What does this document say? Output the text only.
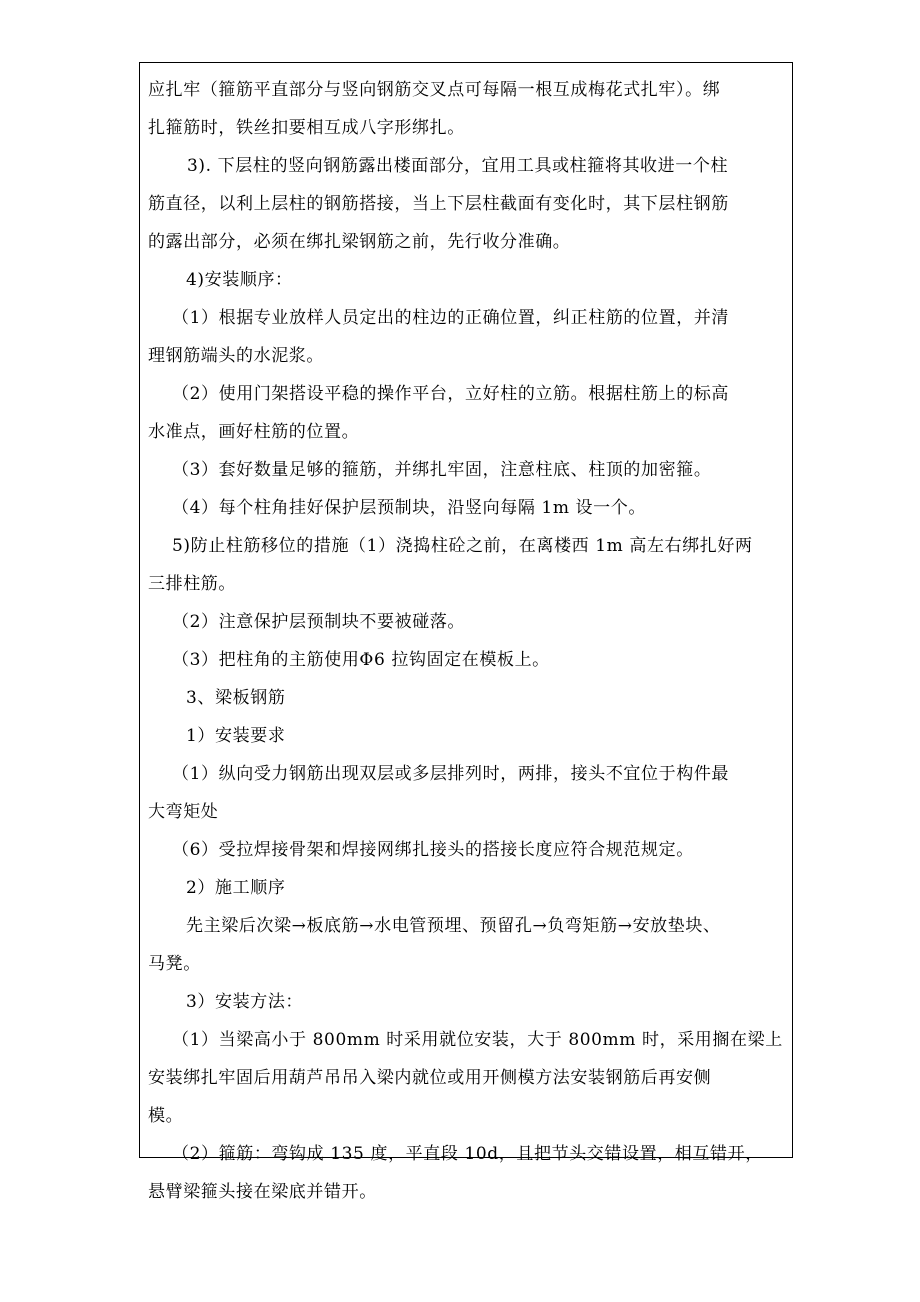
应扎牢（箍筋平直部分与竖向钢筋交叉点可每隔一根互成梅花式扎牢）。绑
扎箍筋时，铁丝扣要相互成八字形绑扎。
3). 下层柱的竖向钢筋露出楼面部分，宜用工具或柱箍将其收进一个柱
筋直径，以利上层柱的钢筋搭接，当上下层柱截面有变化时，其下层柱钢筋
的露出部分，必须在绑扎梁钢筋之前，先行收分准确。
4)安装顺序：
（1）根据专业放样人员定出的柱边的正确位置，纠正柱筋的位置，并清
理钢筋端头的水泥浆。
（2）使用门架搭设平稳的操作平台，立好柱的立筋。根据柱筋上的标高
水准点，画好柱筋的位置。
（3）套好数量足够的箍筋，并绑扎牢固，注意柱底、柱顶的加密箍。
（4）每个柱角挂好保护层预制块，沿竖向每隔 1m 设一个。
5)防止柱筋移位的措施（1）浇捣柱砼之前，在离楼西 1m 高左右绑扎好两
三排柱筋。
（2）注意保护层预制块不要被碰落。
（3）把柱角的主筋使用Φ6 拉钩固定在模板上。
3、梁板钢筋
1）安装要求
（1）纵向受力钢筋出现双层或多层排列时，两排，接头不宜位于构件最
大弯矩处
（6）受拉焊接骨架和焊接网绑扎接头的搭接长度应符合规范规定。
2）施工顺序
先主梁后次梁→板底筋→水电管预埋、预留孔→负弯矩筋→安放垫块、
马凳。
3）安装方法：
（1）当梁高小于 800mm 时采用就位安装，大于 800mm 时，采用搁在梁上
安装绑扎牢固后用葫芦吊吊入梁内就位或用开侧模方法安装钢筋后再安侧
模。
（2）箍筋：弯钩成 135 度，平直段 10d，且把节头交错设置，相互错开，
悬臂梁箍头接在梁底并错开。
